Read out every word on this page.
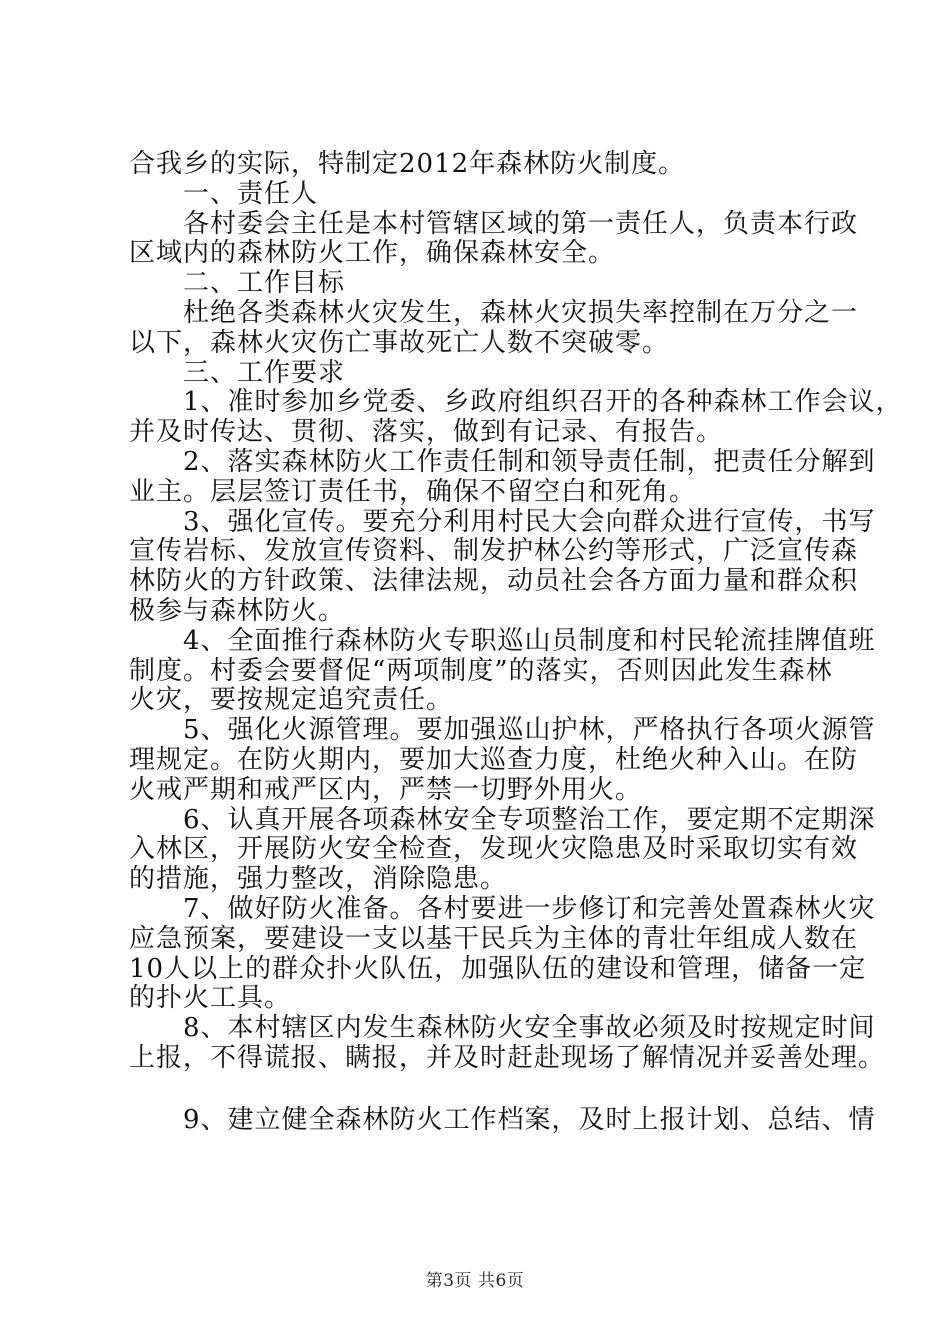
合我乡的实际，特制定2012年森林防火制度。
　　一、责任人
　　各村委会主任是本村管辖区域的第一责任人，负责本行政
区域内的森林防火工作，确保森林安全。
　　二、工作目标
　　杜绝各类森林火灾发生，森林火灾损失率控制在万分之一
以下，森林火灾伤亡事故死亡人数不突破零。
　　三、工作要求
　　1、准时参加乡党委、乡政府组织召开的各种森林工作会议，
并及时传达、贯彻、落实，做到有记录、有报告。
　　2、落实森林防火工作责任制和领导责任制，把责任分解到
业主。层层签订责任书，确保不留空白和死角。
　　3、强化宣传。要充分利用村民大会向群众进行宣传，书写
宣传岩标、发放宣传资料、制发护林公约等形式，广泛宣传森
林防火的方针政策、法律法规，动员社会各方面力量和群众积
极参与森林防火。
　　4、全面推行森林防火专职巡山员制度和村民轮流挂牌值班
制度。村委会要督促“两项制度”的落实，否则因此发生森林
火灾，要按规定追究责任。
　　5、强化火源管理。要加强巡山护林，严格执行各项火源管
理规定。在防火期内，要加大巡查力度，杜绝火种入山。在防
火戒严期和戒严区内，严禁一切野外用火。
　　6、认真开展各项森林安全专项整治工作，要定期不定期深
入林区，开展防火安全检查，发现火灾隐患及时采取切实有效
的措施，强力整改，消除隐患。
　　7、做好防火准备。各村要进一步修订和完善处置森林火灾
应急预案，要建设一支以基干民兵为主体的青壮年组成人数在
10人以上的群众扑火队伍，加强队伍的建设和管理，储备一定
的扑火工具。
　　8、本村辖区内发生森林防火安全事故必须及时按规定时间
上报，不得谎报、瞒报，并及时赶赴现场了解情况并妥善处理。
　　9、建立健全森林防火工作档案，及时上报计划、总结、情
第3页 共6页
